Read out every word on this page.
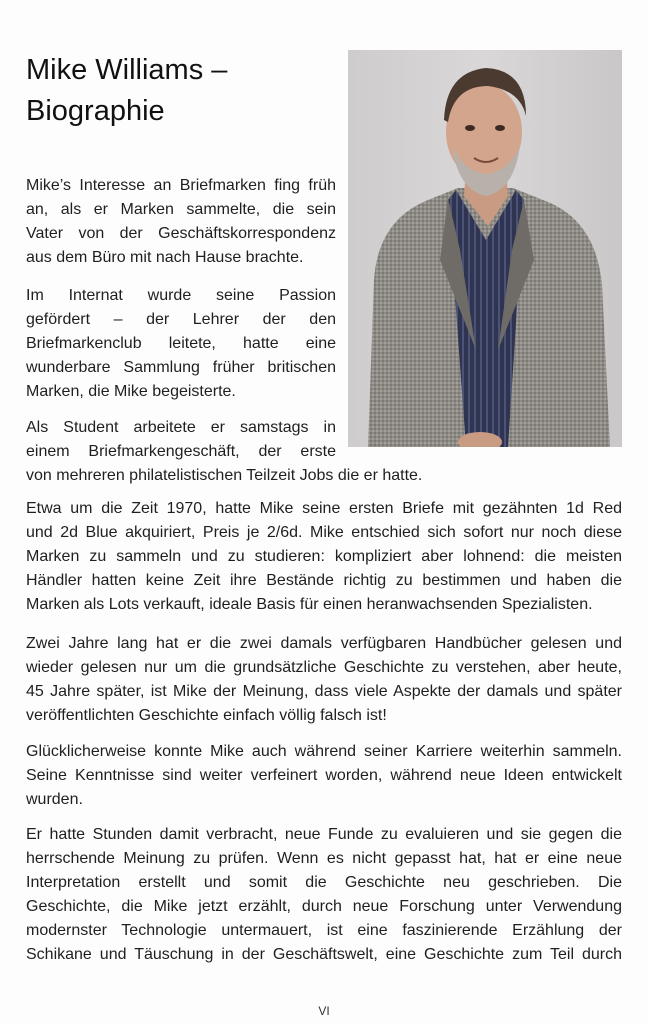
Mike Williams –
Biographie
Mike’s Interesse an Briefmarken fing früh
an, als er Marken sammelte, die sein
Vater von der Geschäftskorrespondenz
aus dem Büro mit nach Hause brachte.
Im Internat wurde seine Passion
gefördert – der Lehrer der den
Briefmarkenclub leitete, hatte eine
wunderbare Sammlung früher britischen
Marken, die Mike begeisterte.
Als Student arbeitete er samstags in
einem Briefmarkengeschäft, der erste
von mehreren philatelistischen Teilzeit Jobs die er hatte.
Etwa um die Zeit 1970, hatte Mike seine ersten Briefe mit gezähnten 1d Red
und 2d Blue akquiriert, Preis je 2/6d. Mike entschied sich sofort nur noch diese
Marken zu sammeln und zu studieren: kompliziert aber lohnend: die meisten
Händler hatten keine Zeit ihre Bestände richtig zu bestimmen und haben die
Marken als Lots verkauft, ideale Basis für einen heranwachsenden Spezialisten.
Zwei Jahre lang hat er die zwei damals verfügbaren Handbücher gelesen und
wieder gelesen nur um die grundsätzliche Geschichte zu verstehen, aber heute,
45 Jahre später, ist Mike der Meinung, dass viele Aspekte der damals und später
veröffentlichten Geschichte einfach völlig falsch ist!
Glücklicherweise konnte Mike auch während seiner Karriere weiterhin sammeln.
Seine Kenntnisse sind weiter verfeinert worden, während neue Ideen entwickelt
wurden.
Er hatte Stunden damit verbracht, neue Funde zu evaluieren und sie gegen die
herrschende Meinung zu prüfen. Wenn es nicht gepasst hat, hat er eine neue
Interpretation erstellt und somit die Geschichte neu geschrieben. Die
Geschichte, die Mike jetzt erzählt, durch neue Forschung unter Verwendung
modernster Technologie untermauert, ist eine faszinierende Erzählung der
Schikane und Täuschung in der Geschäftswelt, eine Geschichte zum Teil durch
VI
